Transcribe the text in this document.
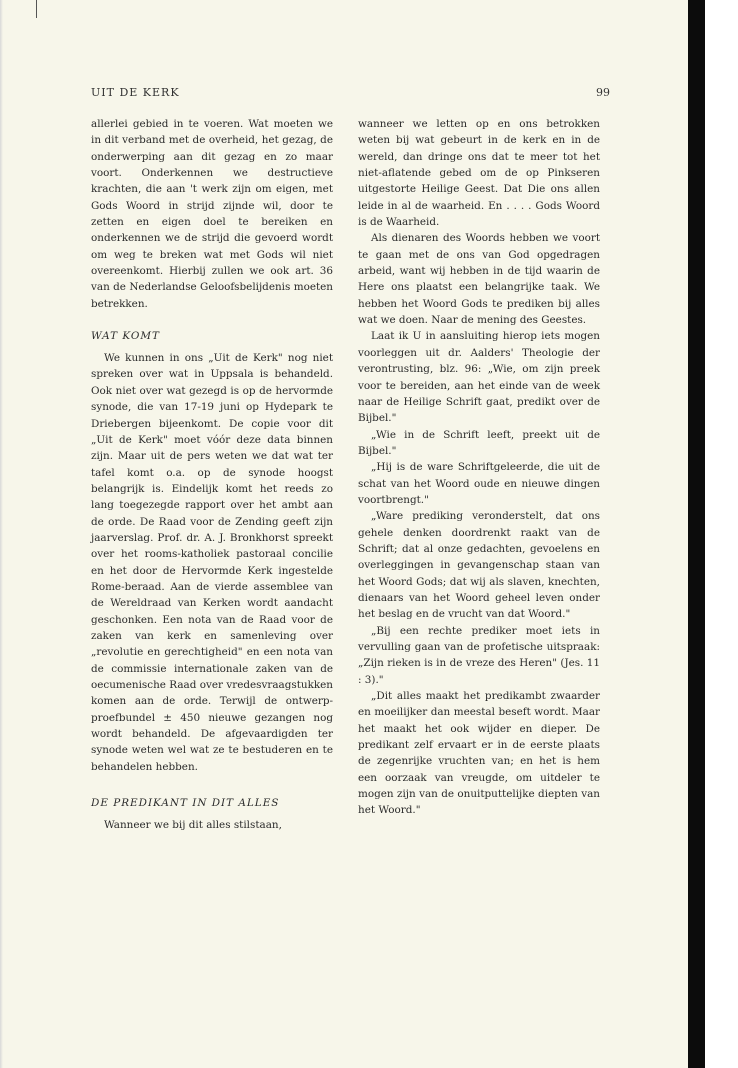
UIT DE KERK	99

allerlei gebied in te voeren. Wat moeten we in dit verband met de overheid, het gezag, de onderwerping aan dit gezag en zo maar voort. Onderkennen we destructieve krachten, die aan 't werk zijn om eigen, met Gods Woord in strijd zijnde wil, door te zetten en eigen doel te bereiken en onderkennen we de strijd die gevoerd wordt om weg te breken wat met Gods wil niet overeenkomt. Hierbij zullen we ook art. 36 van de Nederlandse Geloofsbelijdenis moeten betrekken.

WAT KOMT

We kunnen in ons „Uit de Kerk" nog niet spreken over wat in Uppsala is behandeld. Ook niet over wat gezegd is op de hervormde synode, die van 17-19 juni op Hydepark te Driebergen bijeenkomt. De copie voor dit „Uit de Kerk" moet vóór deze data binnen zijn. Maar uit de pers weten we dat wat ter tafel komt o.a. op de synode hoogst belangrijk is. Eindelijk komt het reeds zo lang toegezegde rapport over het ambt aan de orde. De Raad voor de Zending geeft zijn jaarverslag. Prof. dr. A. J. Bronkhorst spreekt over het rooms-katholiek pastoraal concilie en het door de Hervormde Kerk ingestelde Rome-beraad. Aan de vierde assemblee van de Wereldraad van Kerken wordt aandacht geschonken. Een nota van de Raad voor de zaken van kerk en samenleving over „revolutie en gerechtigheid" en een nota van de commissie internationale zaken van de oecumenische Raad over vredesvraagstukken komen aan de orde. Terwijl de ontwerp-proefbundel ± 450 nieuwe gezangen nog wordt behandeld. De afgevaardigden ter synode weten wel wat ze te bestuderen en te behandelen hebben.

DE PREDIKANT IN DIT ALLES

Wanneer we bij dit alles stilstaan,

wanneer we letten op en ons betrokken weten bij wat gebeurt in de kerk en in de wereld, dan dringe ons dat te meer tot het niet-aflatende gebed om de op Pinkseren uitgestorte Heilige Geest. Dat Die ons allen leide in al de waarheid. En . . . . Gods Woord is de Waarheid.

Als dienaren des Woords hebben we voort te gaan met de ons van God opgedragen arbeid, want wij hebben in de tijd waarin de Here ons plaatst een belangrijke taak. We hebben het Woord Gods te prediken bij alles wat we doen. Naar de mening des Geestes.

Laat ik U in aansluiting hierop iets mogen voorleggen uit dr. Aalders' Theologie der verontrusting, blz. 96: „Wie, om zijn preek voor te bereiden, aan het einde van de week naar de Heilige Schrift gaat, predikt over de Bijbel."

„Wie in de Schrift leeft, preekt uit de Bijbel."

„Hij is de ware Schriftgeleerde, die uit de schat van het Woord oude en nieuwe dingen voortbrengt."

„Ware prediking veronderstelt, dat ons gehele denken doordrenkt raakt van de Schrift; dat al onze gedachten, gevoelens en overleggingen in gevangenschap staan van het Woord Gods; dat wij als slaven, knechten, dienaars van het Woord geheel leven onder het beslag en de vrucht van dat Woord."

„Bij een rechte prediker moet iets in vervulling gaan van de profetische uitspraak: „Zijn rieken is in de vreze des Heren" (Jes. 11 : 3)."

„Dit alles maakt het predikambt zwaarder en moeilijker dan meestal beseft wordt. Maar het maakt het ook wijder en dieper. De predikant zelf ervaart er in de eerste plaats de zegenrijke vruchten van; en het is hem een oorzaak van vreugde, om uitdeler te mogen zijn van de onuitputtelijke diepten van het Woord."
